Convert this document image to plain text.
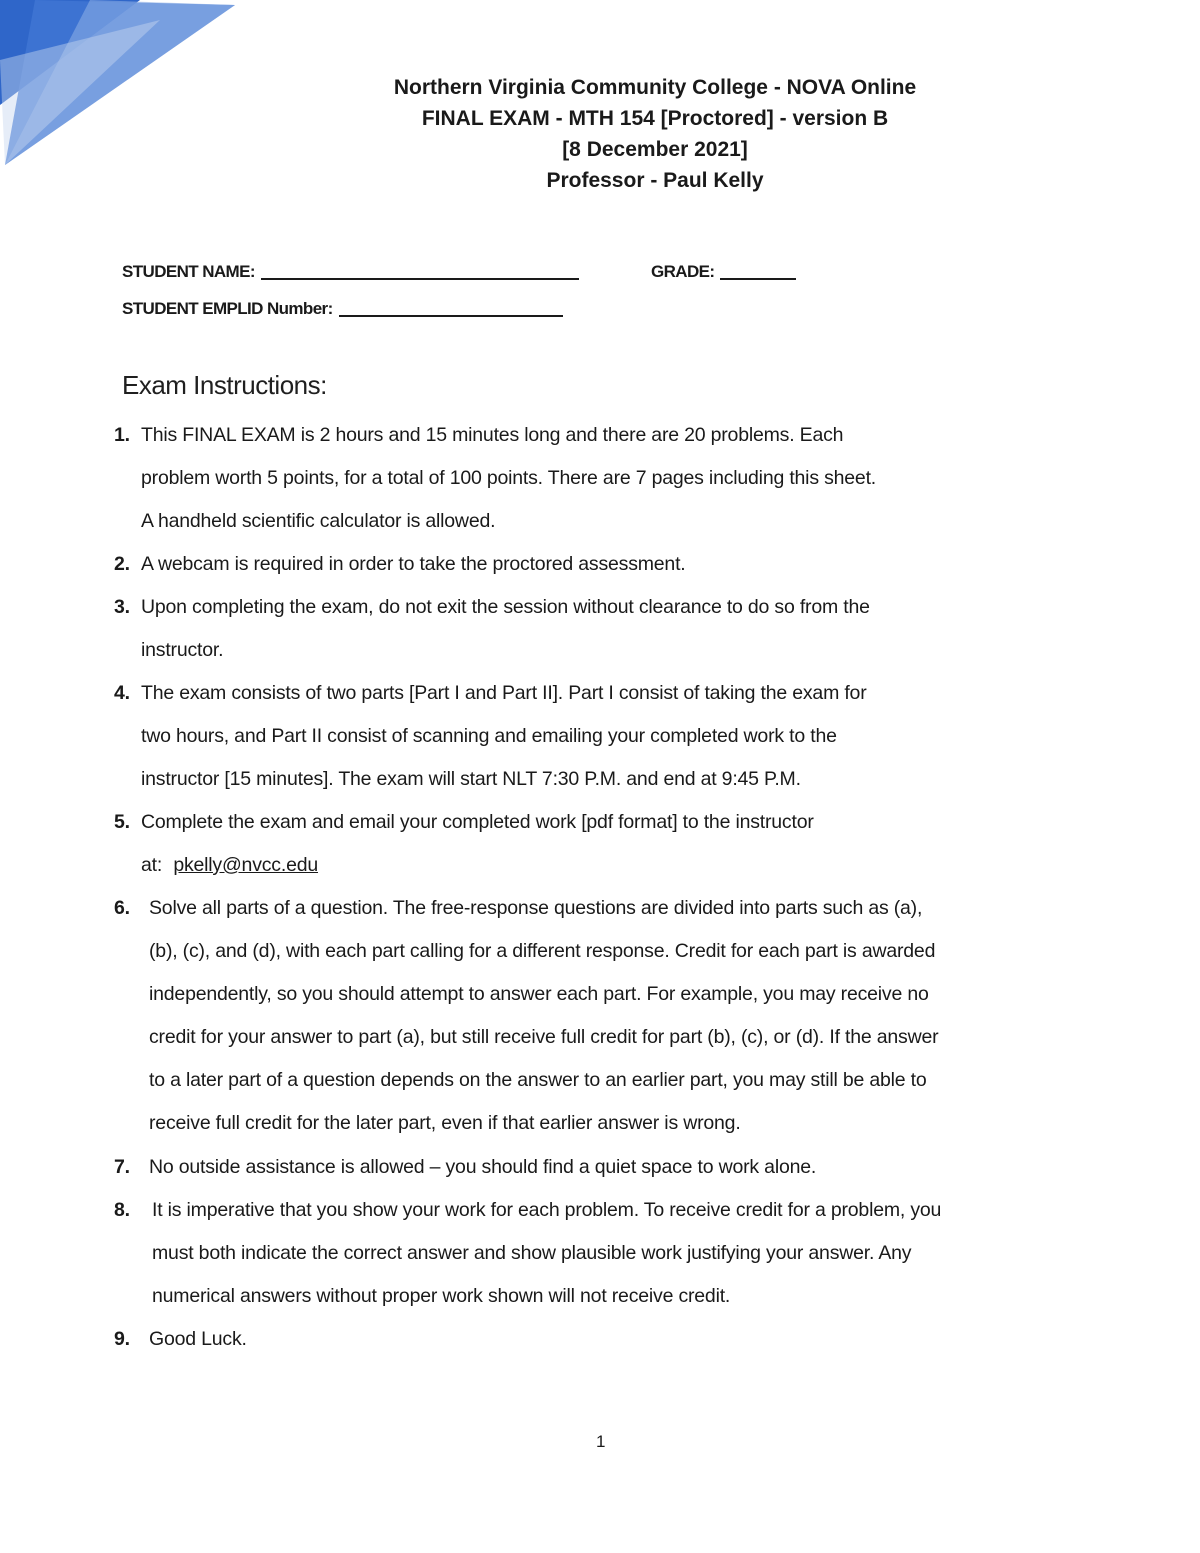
Northern Virginia Community College - NOVA Online
FINAL EXAM - MTH 154 [Proctored] - version B
[8 December 2021]
Professor - Paul Kelly
STUDENT NAME:	GRADE:
STUDENT EMPLID Number:
Exam Instructions:
1. This FINAL EXAM is 2 hours and 15 minutes long and there are 20 problems. Each
problem worth 5 points, for a total of 100 points. There are 7 pages including this sheet.
A handheld scientific calculator is allowed.
2. A webcam is required in order to take the proctored assessment.
3. Upon completing the exam, do not exit the session without clearance to do so from the
instructor.
4. The exam consists of two parts [Part I and Part II]. Part I consist of taking the exam for
two hours, and Part II consist of scanning and emailing your completed work to the
instructor [15 minutes]. The exam will start NLT 7:30 P.M. and end at 9:45 P.M.
5. Complete the exam and email your completed work [pdf format] to the instructor
at: pkelly@nvcc.edu
6. Solve all parts of a question. The free-response questions are divided into parts such as (a),
(b), (c), and (d), with each part calling for a different response. Credit for each part is awarded
independently, so you should attempt to answer each part. For example, you may receive no
credit for your answer to part (a), but still receive full credit for part (b), (c), or (d). If the answer
to a later part of a question depends on the answer to an earlier part, you may still be able to
receive full credit for the later part, even if that earlier answer is wrong.
7. No outside assistance is allowed – you should find a quiet space to work alone.
8. It is imperative that you show your work for each problem. To receive credit for a problem, you
must both indicate the correct answer and show plausible work justifying your answer. Any
numerical answers without proper work shown will not receive credit.
9. Good Luck.
1
